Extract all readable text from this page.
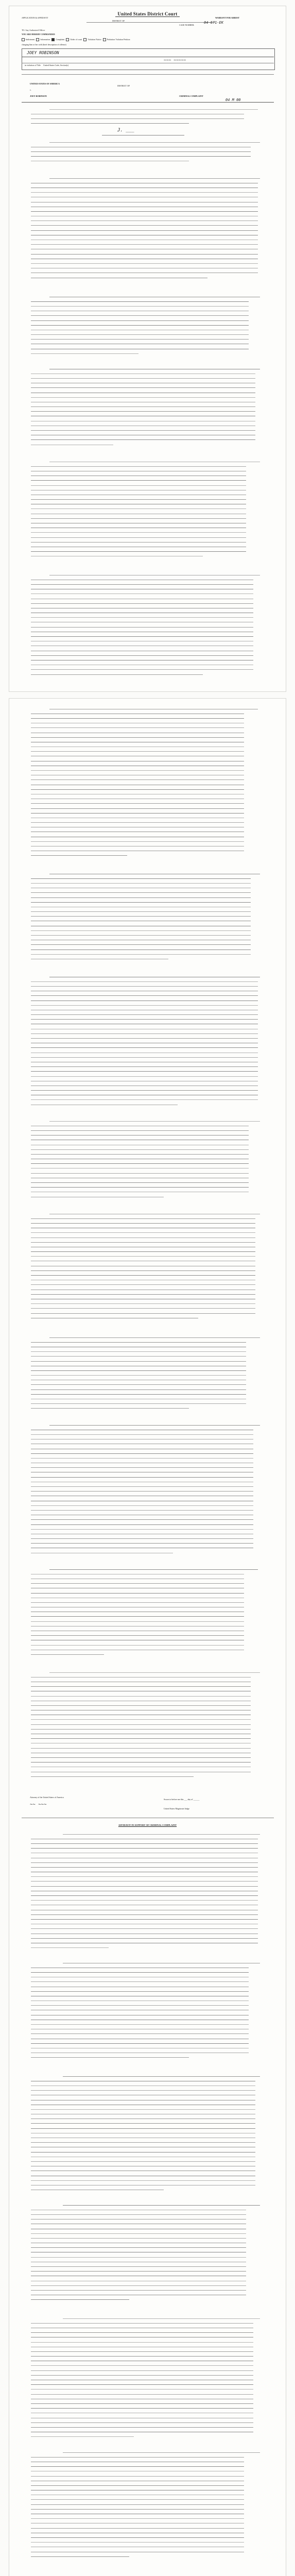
United States District Court
DISTRICT OF
APPLICATION & AFFIDAVIT	WARRANT FOR ARREST
CASE NUMBER:
04-671-EK
TO: Any Authorized Officer
YOU ARE HEREBY COMMANDED
Indictment	Information	Complaint	Order of court	Violation Notice	Probation Violation Petition
charging him or her with (brief description of offense)
JOEY ROBINSON
~~~ ~~~~~
in violation of Title United States Code, Section(s)
UNITED STATES OF AMERICA
v.
JOEY ROBINSON
DISTRICT OF
CRIMINAL COMPLAINT
04 M 00
J. ___
Attorney of the United States of America
~~ ~~~
Sworn to before me this ___ day of ______
United States Magistrate Judge
AFFIDAVIT IN SUPPORT OF CRIMINAL COMPLAINT
